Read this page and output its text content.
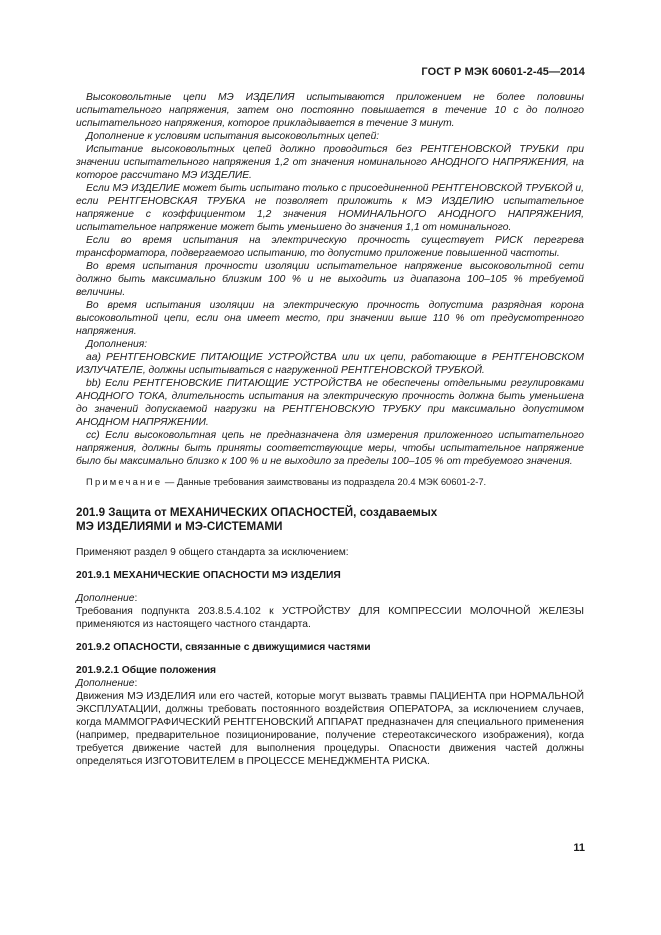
ГОСТ Р МЭК 60601-2-45—2014

Высоковольтные цепи МЭ ИЗДЕЛИЯ испытываются приложением не более половины испытательного напряжения, затем оно постоянно повышается в течение 10 с до полного испытательного напряжения, которое прикладывается в течение 3 минут.

Дополнение к условиям испытания высоковольтных цепей:

Испытание высоковольтных цепей должно проводиться без РЕНТГЕНОВСКОЙ ТРУБКИ при значении испытательного напряжения 1,2 от значения номинального АНОДНОГО НАПРЯЖЕНИЯ, на которое рассчитано МЭ ИЗДЕЛИЕ.

Если МЭ ИЗДЕЛИЕ может быть испытано только с присоединенной РЕНТГЕНОВСКОЙ ТРУБКОЙ и, если РЕНТГЕНОВСКАЯ ТРУБКА не позволяет приложить к МЭ ИЗДЕЛИЮ испытательное напряжение с коэффициентом 1,2 значения НОМИНАЛЬНОГО АНОДНОГО НАПРЯЖЕНИЯ, испытательное напряжение может быть уменьшено до значения 1,1 от номинального.

Если во время испытания на электрическую прочность существует РИСК перегрева трансформатора, подвергаемого испытанию, то допустимо приложение повышенной частоты.

Во время испытания прочности изоляции испытательное напряжение высоковольтной сети должно быть максимально близким 100 % и не выходить из диапазона 100–105 % требуемой величины.

Во время испытания изоляции на электрическую прочность допустима разрядная корона высоковольтной цепи, если она имеет место, при значении выше 110 % от предусмотренного напряжения.

Дополнения:

аа) РЕНТГЕНОВСКИЕ ПИТАЮЩИЕ УСТРОЙСТВА или их цепи, работающие в РЕНТГЕНОВСКОМ ИЗЛУЧАТЕЛЕ, должны испытываться с нагруженной РЕНТГЕНОВСКОЙ ТРУБКОЙ.

bb) Если РЕНТГЕНОВСКИЕ ПИТАЮЩИЕ УСТРОЙСТВА не обеспечены отдельными регулировками АНОДНОГО ТОКА, длительность испытания на электрическую прочность должна быть уменьшена до значений допускаемой нагрузки на РЕНТГЕНОВСКУЮ ТРУБКУ при максимально допустимом АНОДНОМ НАПРЯЖЕНИИ.

сс) Если высоковольтная цепь не предназначена для измерения приложенного испытательного напряжения, должны быть приняты соответствующие меры, чтобы испытательное напряжение было бы максимально близко к 100 % и не выходило за пределы 100–105 % от требуемого значения.

Примечание — Данные требования заимствованы из подраздела 20.4 МЭК 60601-2-7.

201.9 Защита от МЕХАНИЧЕСКИХ ОПАСНОСТЕЙ, создаваемых
МЭ ИЗДЕЛИЯМИ и МЭ-СИСТЕМАМИ

Применяют раздел 9 общего стандарта за исключением:

201.9.1 МЕХАНИЧЕСКИЕ ОПАСНОСТИ МЭ ИЗДЕЛИЯ

Дополнение:

Требования подпункта 203.8.5.4.102 к УСТРОЙСТВУ ДЛЯ КОМПРЕССИИ МОЛОЧНОЙ ЖЕЛЕЗЫ применяются из настоящего частного стандарта.

201.9.2 ОПАСНОСТИ, связанные с движущимися частями

201.9.2.1 Общие положения

Дополнение:

Движения МЭ ИЗДЕЛИЯ или его частей, которые могут вызвать травмы ПАЦИЕНТА при НОРМАЛЬНОЙ ЭКСПЛУАТАЦИИ, должны требовать постоянного воздействия ОПЕРАТОРА, за исключением случаев, когда МАММОГРАФИЧЕСКИЙ РЕНТГЕНОВСКИЙ АППАРАТ предназначен для специального применения (например, предварительное позиционирование, получение стереотаксического изображения), когда требуется движение частей для выполнения процедуры. Опасности движения частей должны определяться ИЗГОТОВИТЕЛЕМ в ПРОЦЕССЕ МЕНЕДЖМЕНТА РИСКА.

11
